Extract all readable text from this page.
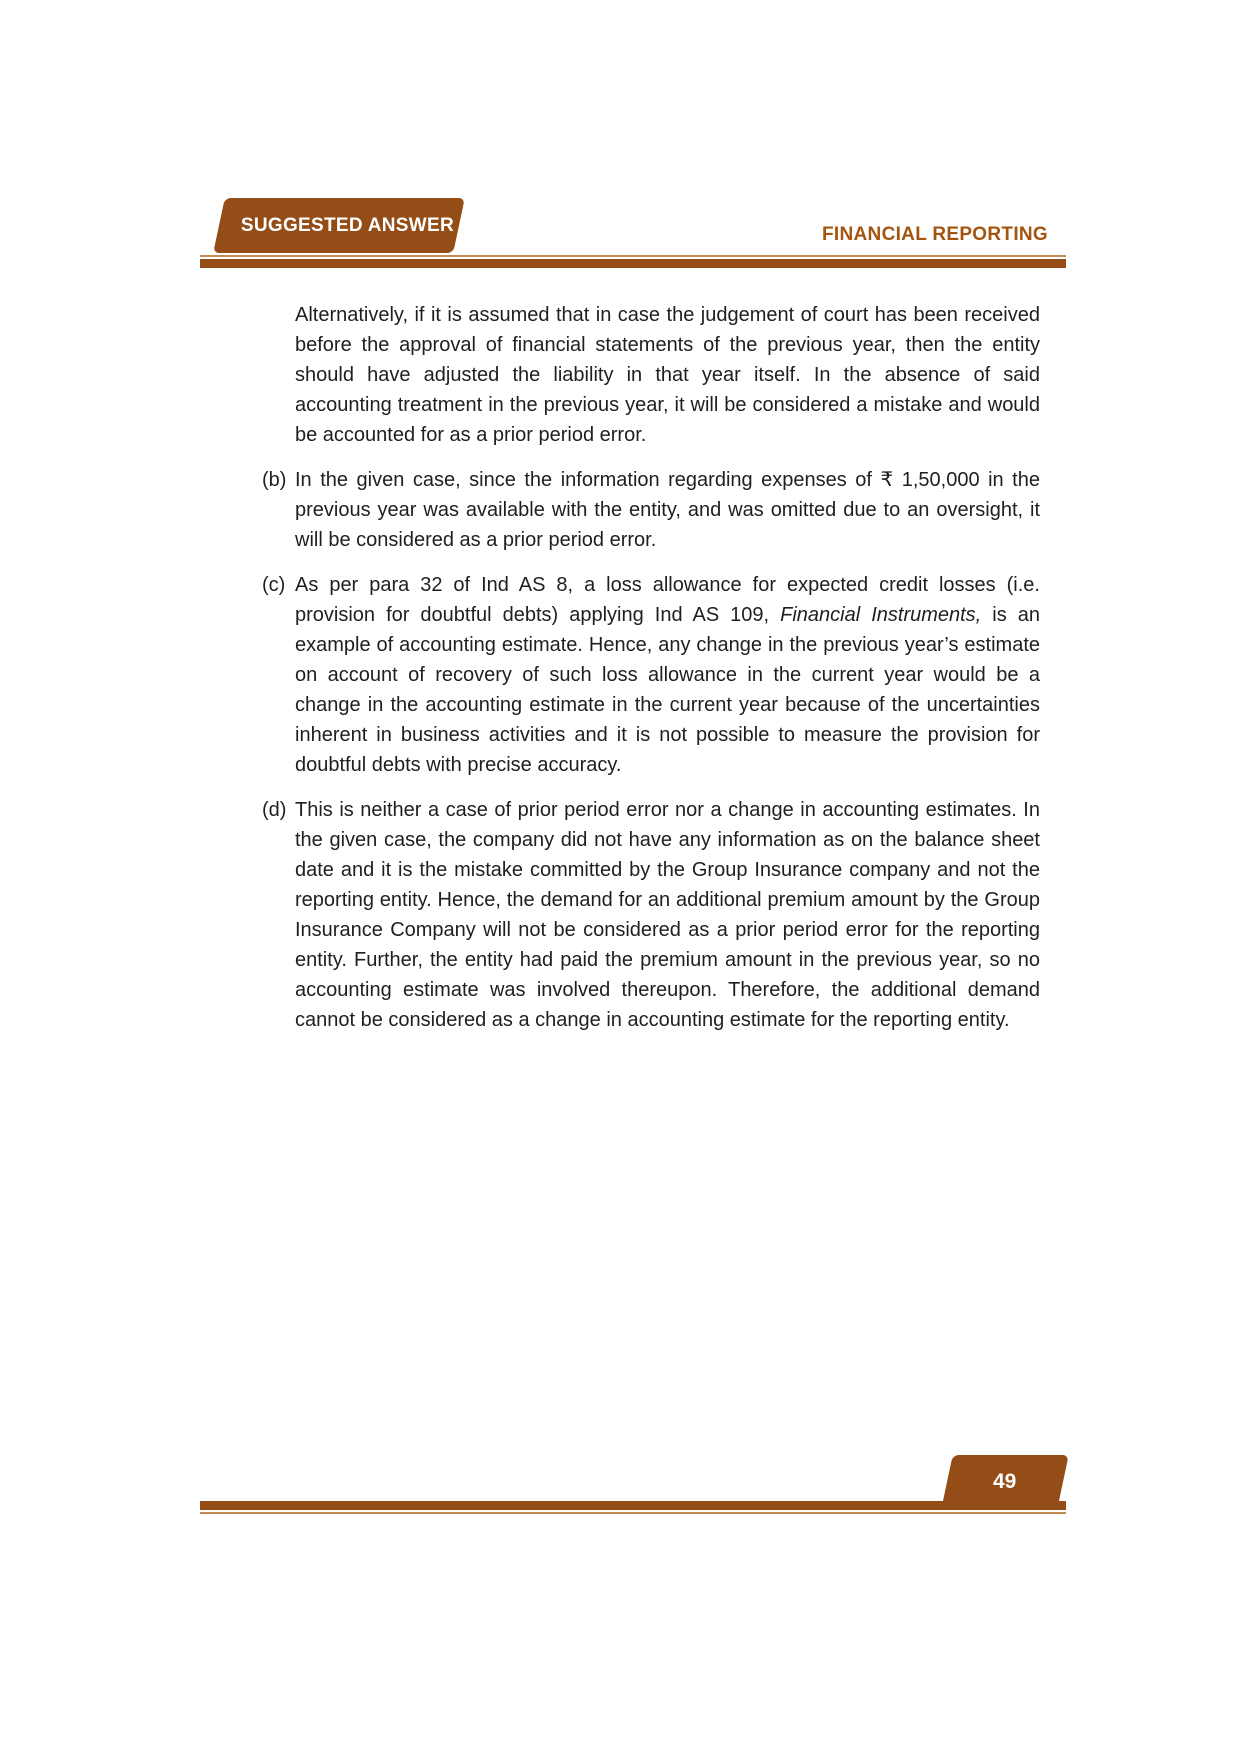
SUGGESTED ANSWER	FINANCIAL REPORTING

Alternatively, if it is assumed that in case the judgement of court has been received before the approval of financial statements of the previous year, then the entity should have adjusted the liability in that year itself. In the absence of said accounting treatment in the previous year, it will be considered a mistake and would be accounted for as a prior period error.

(b) In the given case, since the information regarding expenses of ₹ 1,50,000 in the previous year was available with the entity, and was omitted due to an oversight, it will be considered as a prior period error.

(c) As per para 32 of Ind AS 8, a loss allowance for expected credit losses (i.e. provision for doubtful debts) applying Ind AS 109, Financial Instruments, is an example of accounting estimate. Hence, any change in the previous year’s estimate on account of recovery of such loss allowance in the current year would be a change in the accounting estimate in the current year because of the uncertainties inherent in business activities and it is not possible to measure the provision for doubtful debts with precise accuracy.

(d) This is neither a case of prior period error nor a change in accounting estimates. In the given case, the company did not have any information as on the balance sheet date and it is the mistake committed by the Group Insurance company and not the reporting entity. Hence, the demand for an additional premium amount by the Group Insurance Company will not be considered as a prior period error for the reporting entity. Further, the entity had paid the premium amount in the previous year, so no accounting estimate was involved thereupon. Therefore, the additional demand cannot be considered as a change in accounting estimate for the reporting entity.

49
